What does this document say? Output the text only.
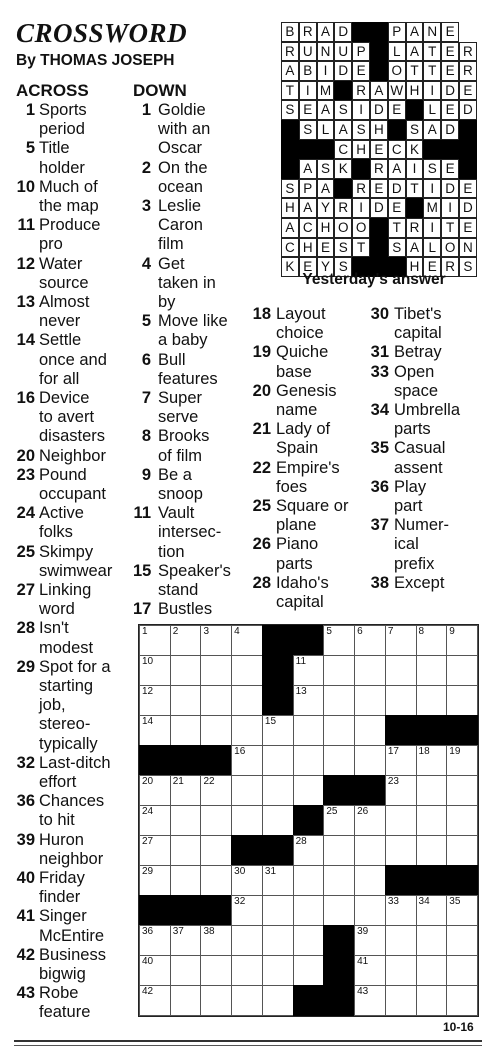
CROSSWORD
By THOMAS JOSEPH
ACROSS	DOWN
1 Sports
period
5 Title
holder
10 Much of
the map
11 Produce
pro
12 Water
source
13 Almost
never
14 Settle
once and
for all
16 Device
to avert
disasters
20 Neighbor
23 Pound
occupant
24 Active
folks
25 Skimpy
swimwear
27 Linking
word
28 Isn't
modest
29 Spot for a
starting
job,
stereo-
typically
32 Last-ditch
effort
36 Chances
to hit
39 Huron
neighbor
40 Friday
finder
41 Singer
McEntire
42 Business
bigwig
43 Robe
feature
1 Goldie
with an
Oscar
2 On the
ocean
3 Leslie
Caron
film
4 Get
taken in
by
5 Move like
a baby
6 Bull
features
7 Super
serve
8 Brooks
of film
9 Be a
snoop
11 Vault
intersec-
tion
15 Speaker's
stand
17 Bustles
18 Layout
choice
19 Quiche
base
20 Genesis
name
21 Lady of
Spain
22 Empire's
foes
25 Square or
plane
26 Piano
parts
28 Idaho's
capital
30 Tibet's
capital
31 Betray
33 Open
space
34 Umbrella
parts
35 Casual
assent
36 Play
part
37 Numer-
ical
prefix
38 Except
B R A D	P A N E
R U N U P	L A T E R
A B I D E	O T T E R
T I M R A W H I D E
S E A S I D E	L E D
S L A S H	S A D
C H E C K
A S K	R A I S E
S P A	R E D T I D E
H A Y R I D E	M I D
A C H O O	T R I T E
C H E S T	S A L O N
K E Y S	H E R S
Yesterday's answer
1	2	3	4	5	6	7	8	9
10	11
12	13
14	15
16	17 18 19
20 21 22	23
24	25 26
27	28
29	30 31
32	33 34 35
36 37 38	39
40	41
42	43
10-16
